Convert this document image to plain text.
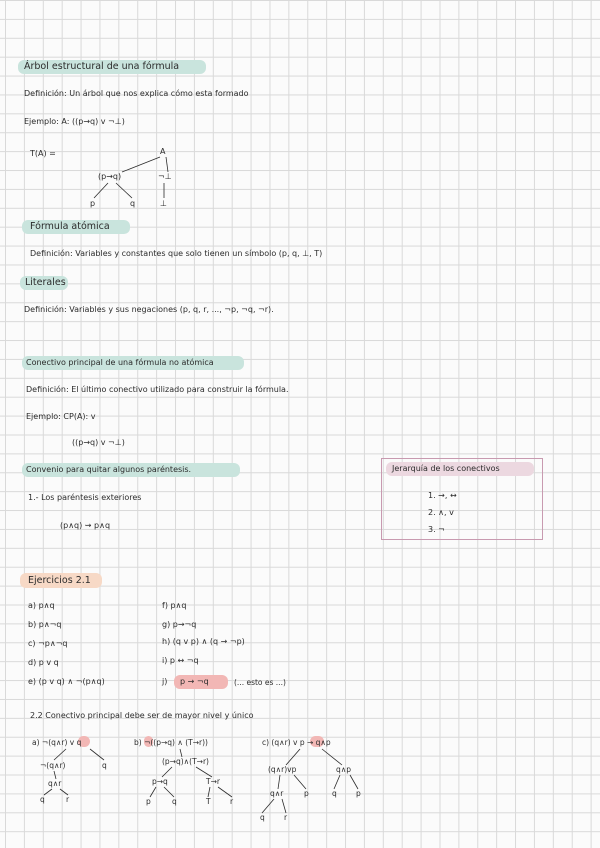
Árbol estructural de una fórmula
Definición: Un árbol que nos explica cómo esta formado
Ejemplo: A: ((p→q) v ¬⊥)
T(A) =	A
(p→q)	¬⊥
p	q	⊥
Fórmula atómica
Definición: Variables y constantes que solo tienen un símbolo (p, q, ⊥, T)
Literales
Definición: Variables y sus negaciones (p, q, r, ..., ¬p, ¬q, ¬r).
Conectivo principal de una fórmula no atómica
Definición: El último conectivo utilizado para construir la fórmula.
Ejemplo: CP(A): v
((p→q) v ¬⊥)
Convenio para quitar algunos paréntesis.
1.- Los paréntesis exteriores
(p∧q) ⇝ p∧q
Jerarquía de los conectivos
1. →, ↔
2. ∧, v
3. ¬
Ejercicios 2.1
a) p∧q
b) p∧¬q
c) ¬p∧¬q
d) p v q
e) (p v q) ∧ ¬(p∧q)
f) p∧q
g) p→¬q
h) (q v p) ∧ (q → ¬p)
i) p ↔ ¬q
j) p → ¬q	(... esto es ...)
2.2 Conectivo principal debe ser de mayor nivel y único
a) ¬(q∧r) v q
¬(q∧r)	q
q∧r
q	r
b) ¬((p→q) ∧ (T→r))
(p→q)∧(T→r)
p→q	T→r
p	q	T	r
c) (q∧r) v p → q∧p
(q∧r)vp	q∧p
q∧r	p	q	p
q	r
